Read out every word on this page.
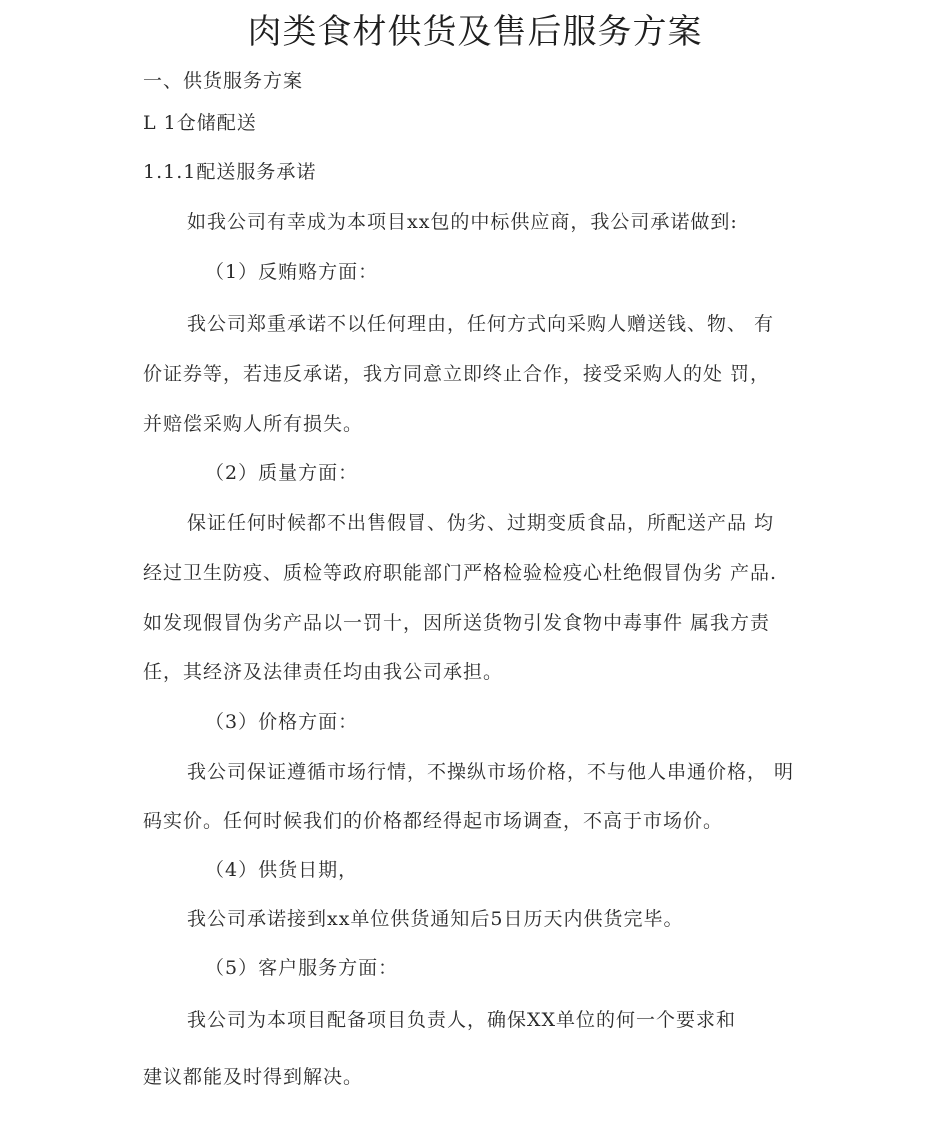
肉类食材供货及售后服务方案
一、供货服务方案
L 1仓储配送
1.1.1配送服务承诺
如我公司有幸成为本项目xx包的中标供应商，我公司承诺做到:
（1）反贿赂方面：
我公司郑重承诺不以任何理由，任何方式向采购人赠送钱、物、 有
价证券等，若违反承诺，我方同意立即终止合作，接受采购人的处 罚，
并赔偿采购人所有损失。
（2）质量方面：
保证任何时候都不出售假冒、伪劣、过期变质食品，所配送产品 均
经过卫生防疫、质检等政府职能部门严格检验检疫心杜绝假冒伪劣 产品.
如发现假冒伪劣产品以一罚十，因所送货物引发食物中毒事件 属我方责
任，其经济及法律责任均由我公司承担。
（3）价格方面：
我公司保证遵循市场行情，不操纵市场价格，不与他人串通价格， 明
码实价。任何时候我们的价格都经得起市场调查，不高于市场价。
（4）供货日期，
我公司承诺接到xx单位供货通知后5日历天内供货完毕。
（5）客户服务方面：
我公司为本项目配备项目负责人，确保XX单位的何一个要求和
建议都能及时得到解决。
